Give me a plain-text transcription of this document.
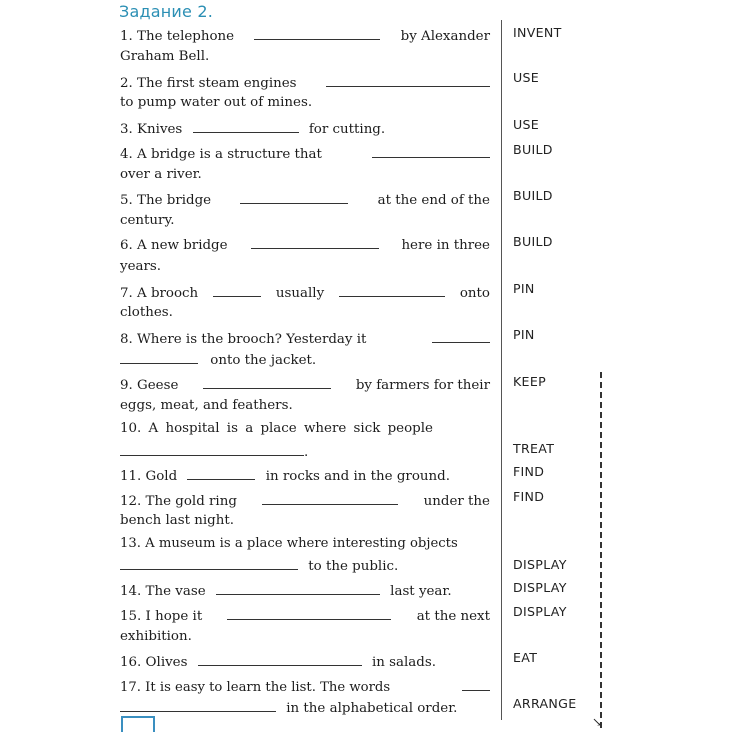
Задание 2.
1. The telephone	by Alexander
Graham Bell.
2. The first steam engines
to pump water out of mines.
3. Knives	for cutting.
4. A bridge is a structure that
over a river.
5. The bridge	at the end of the
century.
6. A new bridge	here in three
years.
7. A brooch	usually	onto
clothes.
8. Where is the brooch? Yesterday it
onto the jacket.
9. Geese	by farmers for their
eggs, meat, and feathers.
10. A hospital is a place where sick people
.
11. Gold	in rocks and in the ground.
12. The gold ring	under the
bench last night.
13. A museum is a place where interesting objects
to the public.
14. The vase	last year.
15. I hope it	at the next
exhibition.
16. Olives	in salads.
17. It is easy to learn the list. The words
in the alphabetical order.
INVENT
USE
USE
BUILD
BUILD
BUILD
PIN
PIN
KEEP
TREAT
FIND
FIND
DISPLAY
DISPLAY
DISPLAY
EAT
ARRANGE
↘
